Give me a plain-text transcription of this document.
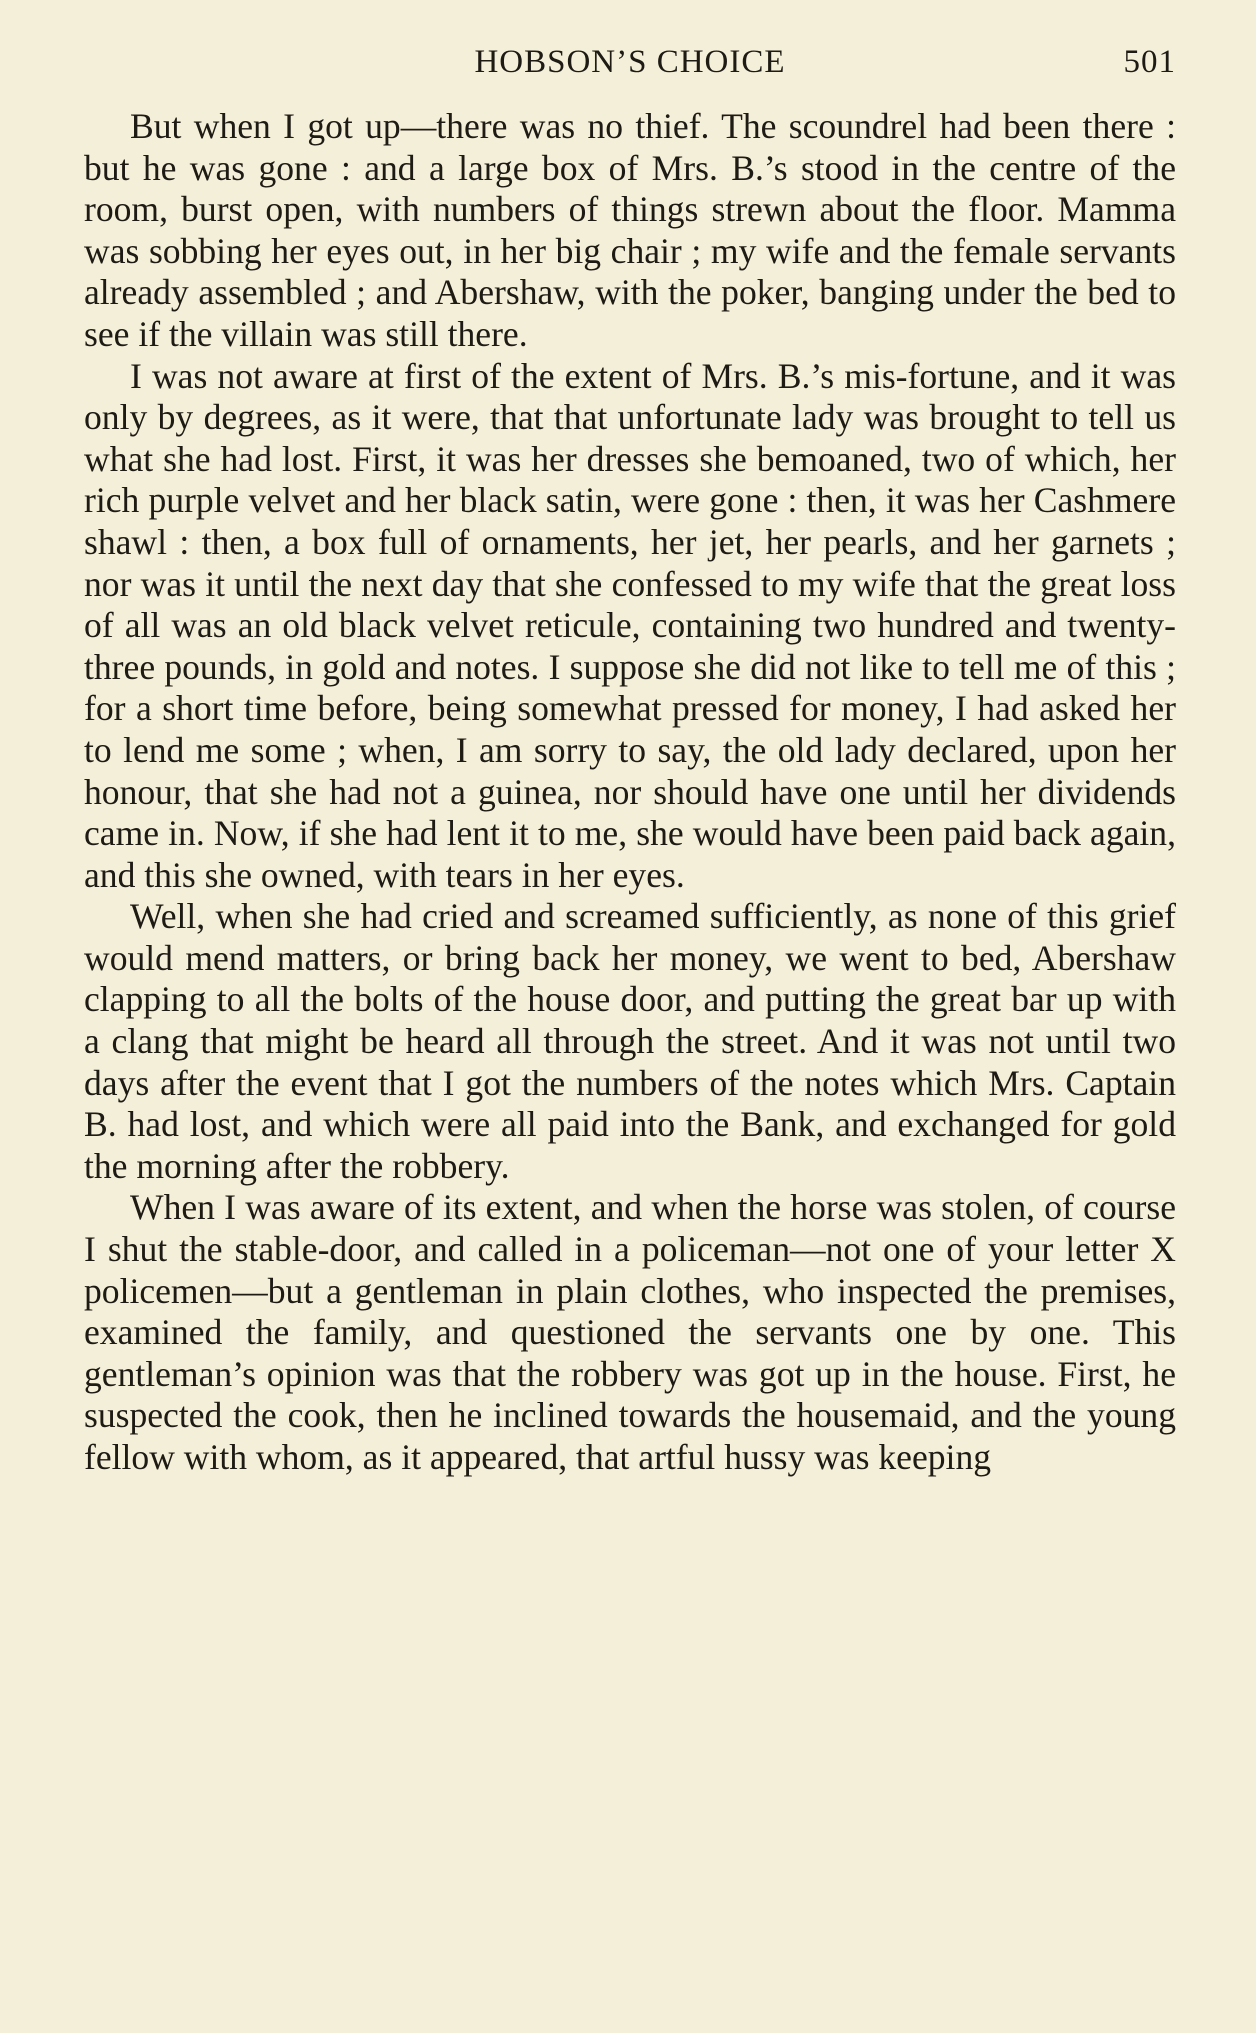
HOBSON’S CHOICE	501

But when I got up—there was no thief. The scoundrel had been there : but he was gone : and a large box of Mrs. B.’s stood in the centre of the room, burst open, with numbers of things strewn about the floor. Mamma was sobbing her eyes out, in her big chair ; my wife and the female servants already assembled ; and Abershaw, with the poker, banging under the bed to see if the villain was still there.

I was not aware at first of the extent of Mrs. B.’s mis-fortune, and it was only by degrees, as it were, that that unfortunate lady was brought to tell us what she had lost. First, it was her dresses she bemoaned, two of which, her rich purple velvet and her black satin, were gone : then, it was her Cashmere shawl : then, a box full of ornaments, her jet, her pearls, and her garnets ; nor was it until the next day that she confessed to my wife that the great loss of all was an old black velvet reticule, containing two hundred and twenty-three pounds, in gold and notes. I suppose she did not like to tell me of this ; for a short time before, being somewhat pressed for money, I had asked her to lend me some ; when, I am sorry to say, the old lady declared, upon her honour, that she had not a guinea, nor should have one until her dividends came in. Now, if she had lent it to me, she would have been paid back again, and this she owned, with tears in her eyes.

Well, when she had cried and screamed sufficiently, as none of this grief would mend matters, or bring back her money, we went to bed, Abershaw clapping to all the bolts of the house door, and putting the great bar up with a clang that might be heard all through the street. And it was not until two days after the event that I got the numbers of the notes which Mrs. Captain B. had lost, and which were all paid into the Bank, and exchanged for gold the morning after the robbery.

When I was aware of its extent, and when the horse was stolen, of course I shut the stable-door, and called in a policeman—not one of your letter X policemen—but a gentleman in plain clothes, who inspected the premises, examined the family, and questioned the servants one by one. This gentleman’s opinion was that the robbery was got up in the house. First, he suspected the cook, then he inclined towards the housemaid, and the young fellow with whom, as it appeared, that artful hussy was keeping
